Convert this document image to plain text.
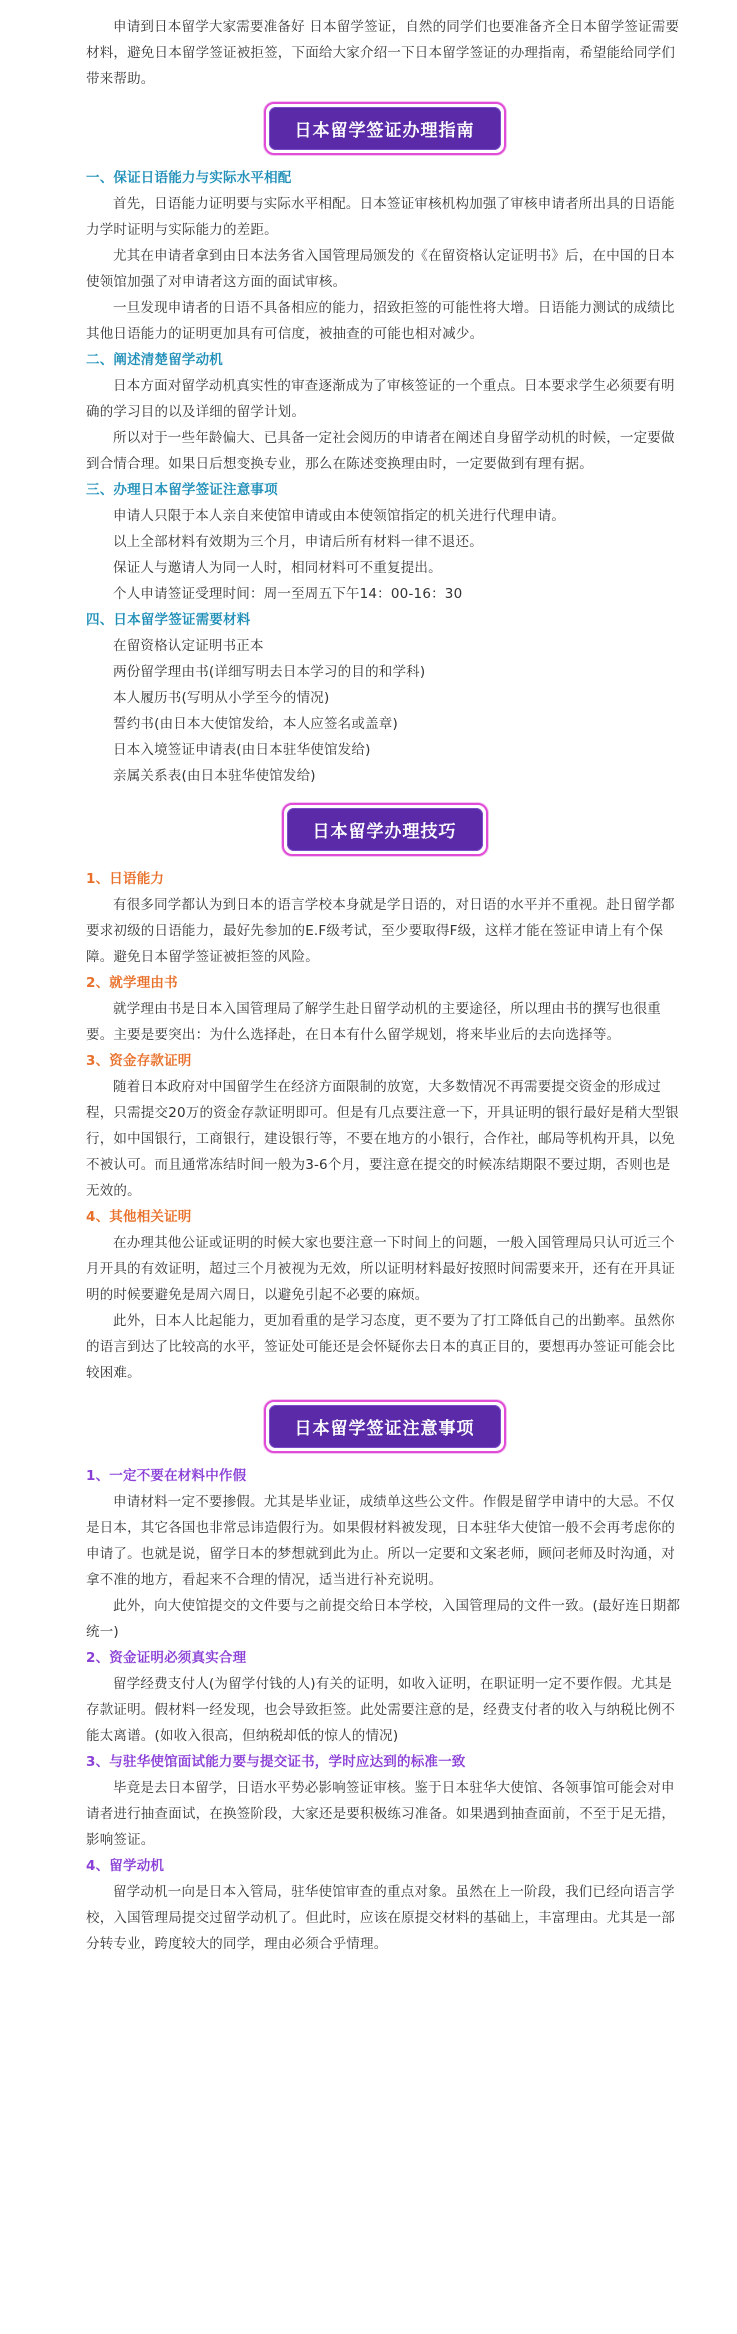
申请到日本留学大家需要准备好 日本留学签证，自然的同学们也要准备齐全日本留学签证需要材料，避免日本留学签证被拒签，下面给大家介绍一下日本留学签证的办理指南，希望能给同学们带来帮助。

日本留学签证办理指南

一、保证日语能力与实际水平相配

首先，日语能力证明要与实际水平相配。日本签证审核机构加强了审核申请者所出具的日语能力学时证明与实际能力的差距。

尤其在申请者拿到由日本法务省入国管理局颁发的《在留资格认定证明书》后，在中国的日本使领馆加强了对申请者这方面的面试审核。

一旦发现申请者的日语不具备相应的能力，招致拒签的可能性将大增。日语能力测试的成绩比其他日语能力的证明更加具有可信度，被抽查的可能也相对减少。

二、阐述清楚留学动机

日本方面对留学动机真实性的审查逐渐成为了审核签证的一个重点。日本要求学生必须要有明确的学习目的以及详细的留学计划。

所以对于一些年龄偏大、已具备一定社会阅历的申请者在阐述自身留学动机的时候，一定要做到合情合理。如果日后想变换专业，那么在陈述变换理由时，一定要做到有理有据。

三、办理日本留学签证注意事项

申请人只限于本人亲自来使馆申请或由本使领馆指定的机关进行代理申请。

以上全部材料有效期为三个月，申请后所有材料一律不退还。

保证人与邀请人为同一人时，相同材料可不重复提出。

个人申请签证受理时间：周一至周五下午14：00-16：30

四、日本留学签证需要材料

在留资格认定证明书正本

两份留学理由书(详细写明去日本学习的目的和学科)

本人履历书(写明从小学至今的情况)

誓约书(由日本大使馆发给，本人应签名或盖章)

日本入境签证申请表(由日本驻华使馆发给)

亲属关系表(由日本驻华使馆发给)

日本留学办理技巧

1、日语能力

有很多同学都认为到日本的语言学校本身就是学日语的，对日语的水平并不重视。赴日留学都要求初级的日语能力，最好先参加的E.F级考试，至少要取得F级，这样才能在签证申请上有个保障。避免日本留学签证被拒签的风险。

2、就学理由书

就学理由书是日本入国管理局了解学生赴日留学动机的主要途径，所以理由书的撰写也很重要。主要是要突出：为什么选择赴，在日本有什么留学规划，将来毕业后的去向选择等。

3、资金存款证明

随着日本政府对中国留学生在经济方面限制的放宽，大多数情况不再需要提交资金的形成过程，只需提交20万的资金存款证明即可。但是有几点要注意一下，开具证明的银行最好是稍大型银行，如中国银行，工商银行，建设银行等，不要在地方的小银行，合作社，邮局等机构开具，以免不被认可。而且通常冻结时间一般为3-6个月，要注意在提交的时候冻结期限不要过期，否则也是无效的。

4、其他相关证明

在办理其他公证或证明的时候大家也要注意一下时间上的问题，一般入国管理局只认可近三个月开具的有效证明，超过三个月被视为无效，所以证明材料最好按照时间需要来开，还有在开具证明的时候要避免是周六周日，以避免引起不必要的麻烦。

此外，日本人比起能力，更加看重的是学习态度，更不要为了打工降低自己的出勤率。虽然你的语言到达了比较高的水平，签证处可能还是会怀疑你去日本的真正目的，要想再办签证可能会比较困难。

日本留学签证注意事项

1、一定不要在材料中作假

申请材料一定不要掺假。尤其是毕业证，成绩单这些公文件。作假是留学申请中的大忌。不仅是日本，其它各国也非常忌讳造假行为。如果假材料被发现，日本驻华大使馆一般不会再考虑你的申请了。也就是说，留学日本的梦想就到此为止。所以一定要和文案老师，顾问老师及时沟通，对拿不准的地方，看起来不合理的情况，适当进行补充说明。

此外，向大使馆提交的文件要与之前提交给日本学校，入国管理局的文件一致。(最好连日期都统一)

2、资金证明必须真实合理

留学经费支付人(为留学付钱的人)有关的证明，如收入证明，在职证明一定不要作假。尤其是存款证明。假材料一经发现，也会导致拒签。此处需要注意的是，经费支付者的收入与纳税比例不能太离谱。(如收入很高，但纳税却低的惊人的情况)

3、与驻华使馆面试能力要与提交证书，学时应达到的标准一致

毕竟是去日本留学，日语水平势必影响签证审核。鉴于日本驻华大使馆、各领事馆可能会对申请者进行抽查面试，在换签阶段，大家还是要积极练习准备。如果遇到抽查面前，不至于足无措，影响签证。

4、留学动机

留学动机一向是日本入管局，驻华使馆审查的重点对象。虽然在上一阶段，我们已经向语言学校，入国管理局提交过留学动机了。但此时，应该在原提交材料的基础上，丰富理由。尤其是一部分转专业，跨度较大的同学，理由必须合乎情理。
